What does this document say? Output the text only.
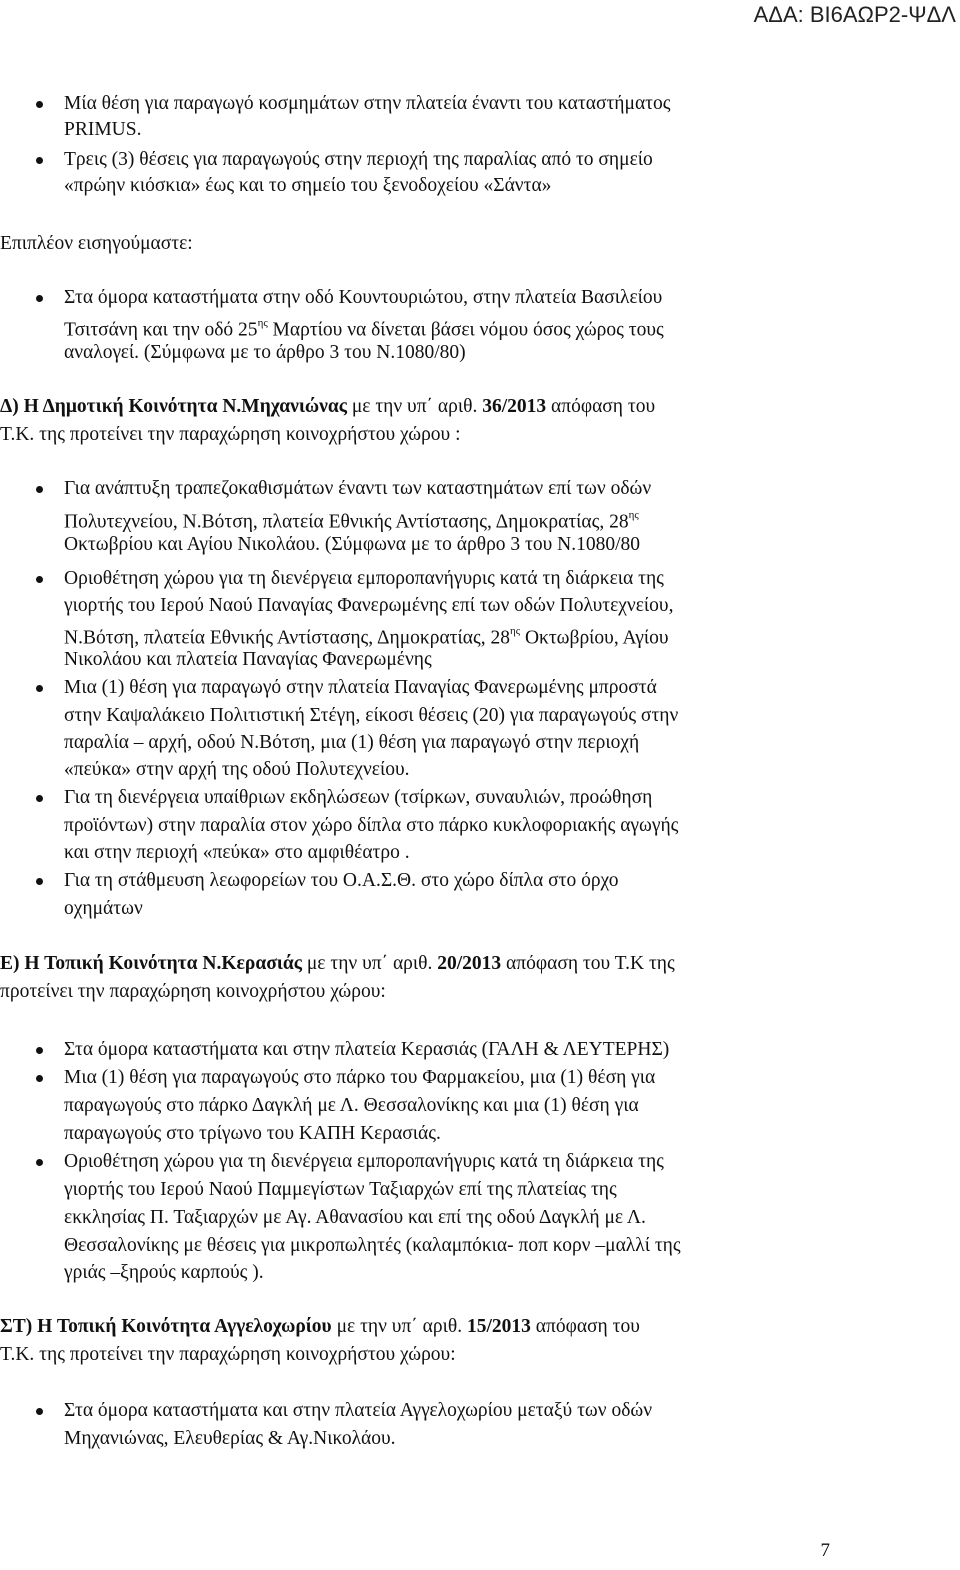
ΑΔΑ: ΒΙ6ΑΩΡ2-ΨΔΛ
Μία θέση για παραγωγό κοσμημάτων στην πλατεία έναντι του καταστήματος
PRIMUS.
Τρεις (3) θέσεις για παραγωγούς στην περιοχή της παραλίας από το σημείο
«πρώην κιόσκια» έως και το σημείο του ξενοδοχείου «Σάντα»
Επιπλέον εισηγούμαστε:
Στα όμορα καταστήματα στην οδό Κουντουριώτου, στην πλατεία Βασιλείου
Τσιτσάνη και την οδό $25^{\eta\varsigma}$ Μαρτίου να δίνεται βάσει νόμου όσος χώρος τους
αναλογεί. (Σύμφωνα με το άρθρο 3 του Ν.1080/80)
Δ) Η Δημοτική Κοινότητα Ν.Μηχανιώνας με την υπ΄ αριθ. 36/2013 απόφαση του
Τ.Κ. της προτείνει την παραχώρηση κοινοχρήστου χώρου :
Για ανάπτυξη τραπεζοκαθισμάτων έναντι των καταστημάτων επί των οδών
Πολυτεχνείου, Ν.Βότση, πλατεία Εθνικής Αντίστασης, Δημοκρατίας, $28^{\eta\varsigma}$
Οκτωβρίου και Αγίου Νικολάου. (Σύμφωνα με το άρθρο 3 του Ν.1080/80
Οριοθέτηση χώρου για τη διενέργεια εμποροπανήγυρις κατά τη διάρκεια της
γιορτής του Ιερού Ναού Παναγίας Φανερωμένης επί των οδών Πολυτεχνείου,
Ν.Βότση, πλατεία Εθνικής Αντίστασης, Δημοκρατίας, $28^{\eta\varsigma}$ Οκτωβρίου, Αγίου
Νικολάου και πλατεία Παναγίας Φανερωμένης
Μια (1) θέση για παραγωγό στην πλατεία Παναγίας Φανερωμένης μπροστά
στην Καψαλάκειο Πολιτιστική Στέγη, είκοσι θέσεις (20) για παραγωγούς στην
παραλία – αρχή, οδού Ν.Βότση, μια (1) θέση για παραγωγό στην περιοχή
«πεύκα» στην αρχή της οδού Πολυτεχνείου.
Για τη διενέργεια υπαίθριων εκδηλώσεων (τσίρκων, συναυλιών, προώθηση
προϊόντων) στην παραλία στον χώρο δίπλα στο πάρκο κυκλοφοριακής αγωγής
και στην περιοχή «πεύκα» στο αμφιθέατρο .
Για τη στάθμευση λεωφορείων του Ο.Α.Σ.Θ. στο χώρο δίπλα στο όρχο
οχημάτων
Ε) Η Τοπική Κοινότητα Ν.Κερασιάς με την υπ΄ αριθ. 20/2013 απόφαση του Τ.Κ της
προτείνει την παραχώρηση κοινοχρήστου χώρου:
Στα όμορα καταστήματα και στην πλατεία Κερασιάς (ΓΑΛΗ & ΛΕΥΤΕΡΗΣ)
Μια (1) θέση για παραγωγούς στο πάρκο του Φαρμακείου, μια (1) θέση για
παραγωγούς στο πάρκο Δαγκλή με Λ. Θεσσαλονίκης και μια (1) θέση για
παραγωγούς στο τρίγωνο του ΚΑΠΗ Κερασιάς.
Οριοθέτηση χώρου για τη διενέργεια εμποροπανήγυρις κατά τη διάρκεια της
γιορτής του Ιερού Ναού Παμμεγίστων Ταξιαρχών επί της πλατείας της
εκκλησίας Π. Ταξιαρχών με Αγ. Αθανασίου και επί της οδού Δαγκλή με Λ.
Θεσσαλονίκης με θέσεις για μικροπωλητές (καλαμπόκια- ποπ κορν –μαλλί της
γριάς –ξηρούς καρπούς ).
ΣΤ) Η Τοπική Κοινότητα Αγγελοχωρίου με την υπ΄ αριθ. 15/2013 απόφαση του
Τ.Κ. της προτείνει την παραχώρηση κοινοχρήστου χώρου:
Στα όμορα καταστήματα και στην πλατεία Αγγελοχωρίου μεταξύ των οδών
Μηχανιώνας, Ελευθερίας & Αγ.Νικολάου.
7
